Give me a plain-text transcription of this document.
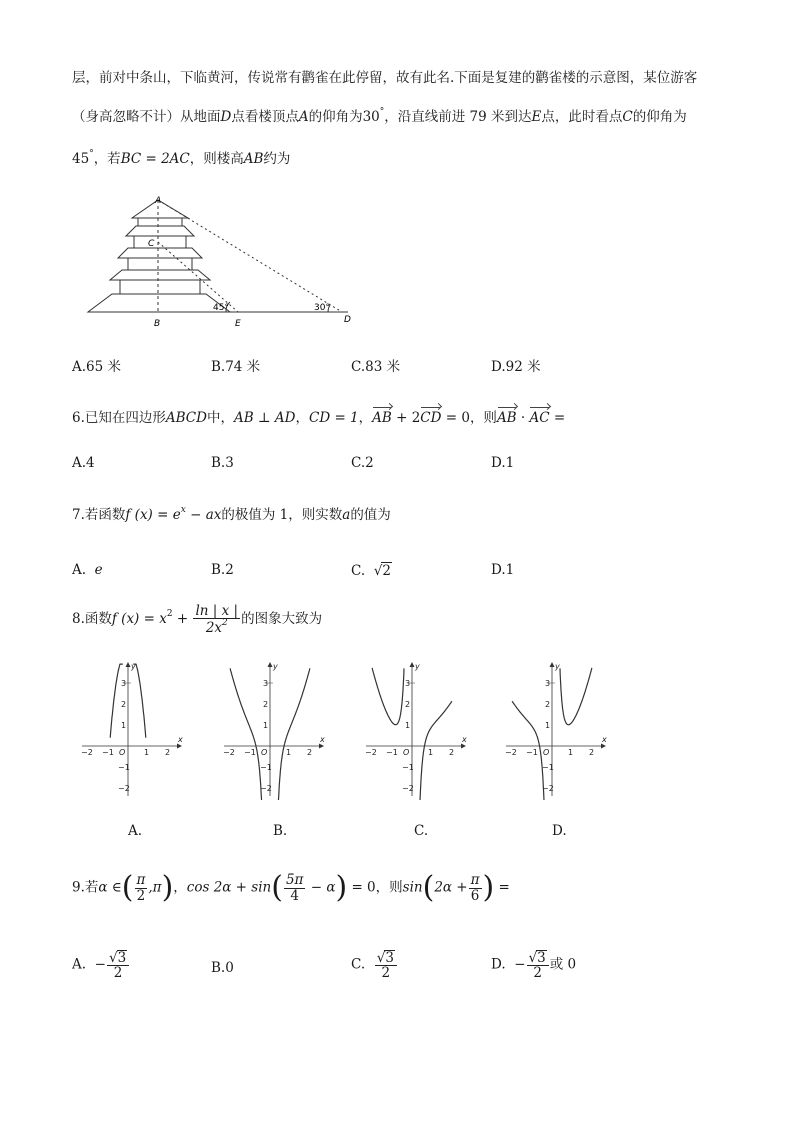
层，前对中条山，下临黄河，传说常有鹳雀在此停留，故有此名.下面是复建的鹳雀楼的示意图，某位游客
（身高忽略不计）从地面D点看楼顶点A的仰角为30°，沿直线前进 79 米到达E点，此时看点C的仰角为
45°，若BC = 2AC，则楼高AB约为
A
C
B	E	D
45°	30°
A.65 米	B.74 米	C.83 米	D.92 米
6.已知在四边形ABCD中，AB ⊥ AD，CD = 1，AB + 2CD = 0，则AB · AC =
A.4	B.3	C.2	D.1
7.若函数f $(x) = e^x$ − ax的极值为 1，则实数a的值为
A. e	B.2	C.  √2	D.1
8.函数f $(x) = x^2 + \frac{\ln | x |}{2x^2}$ 的图象大致为
x
y
O
−2 −1	1 2
3
2
1
−1
−2
x
y
O
−2 −1	1 2
3
2
1
−1
−2
x
y
O
−2 −1	1 2
3
2
1
−1
−2
x
y
O
−2 −1	1 2
3
2
1
−1
−2
A.	B.	C.	D.
9.若α ∈( $\frac{\pi}{2} ,\pi$)，$\cos 2\alpha + \sin( \frac{5\pi}{4} - \alpha) = 0$，则$\sin(2\alpha + \frac{\pi}{6}$ ) =
A. − $\frac{√3}{2}$	B.0	C. $\frac{√3}{2}$	D. − $\frac{√3}{2}$ 或 0
